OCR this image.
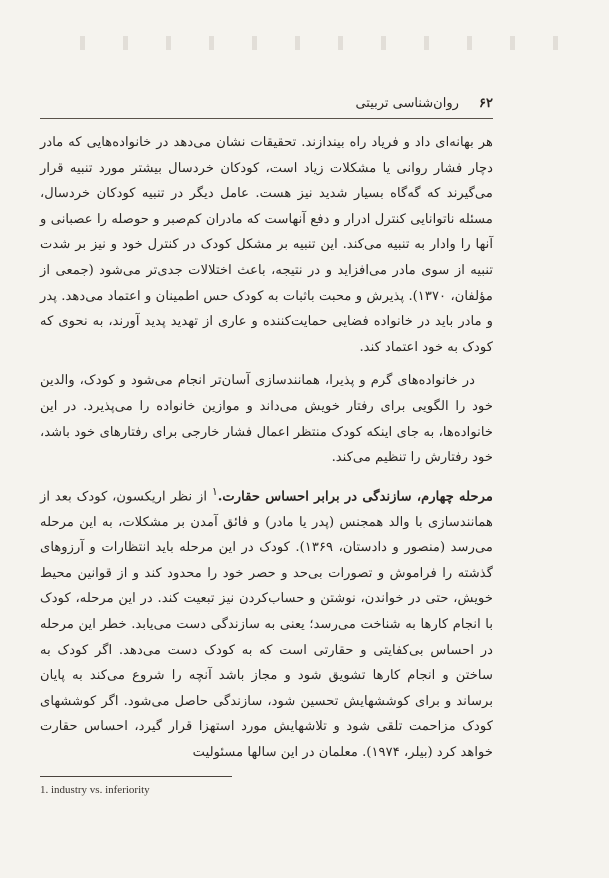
۶۲ روان‌شناسی تربیتی

هر بهانه‌ای داد و فریاد راه بیندازند. تحقیقات نشان می‌دهد در خانواده‌هایی که مادر دچار فشار روانی یا مشکلات زیاد است، کودکان خردسال بیشتر مورد تنبیه قرار می‌گیرند که گه‌گاه بسیار شدید نیز هست. عامل دیگر در تنبیه کودکان خردسال، مسئله ناتوانایی کنترل ادرار و دفع آنهاست که مادران کم‌صبر و حوصله را عصبانی و آنها را وادار به تنبیه می‌کند. این تنبیه بر مشکل کودک در کنترل خود و نیز بر شدت تنبیه از سوی مادر می‌افزاید و در نتیجه، باعث اختلالات جدی‌تر می‌شود (جمعی از مؤلفان، ۱۳۷۰). پذیرش و محبت باثبات به کودک حس اطمینان و اعتماد می‌دهد. پدر و مادر باید در خانواده فضایی حمایت‌کننده و عاری از تهدید پدید آورند، به نحوی که کودک به خود اعتماد کند.

در خانواده‌های گرم و پذیرا، همانندسازی آسان‌تر انجام می‌شود و کودک، والدین خود را الگویی برای رفتار خویش می‌داند و موازین خانواده را می‌پذیرد. در این خانواده‌ها، به جای اینکه کودک منتظر اعمال فشار خارجی برای رفتارهای خود باشد، خود رفتارش را تنظیم می‌کند.

مرحله چهارم، سازندگی در برابر احساس حقارت.$^۱$ از نظر اریکسون، کودک بعد از همانندسازی با والد همجنس (پدر یا مادر) و فائق آمدن بر مشکلات، به این مرحله می‌رسد (منصور و دادستان، ۱۳۶۹). کودک در این مرحله باید انتظارات و آرزوهای گذشته را فراموش و تصورات بی‌حد و حصر خود را محدود کند و از قوانین محیط خویش، حتی در خواندن، نوشتن و حساب‌کردن نیز تبعیت کند. در این مرحله، کودک با انجام کارها به شناخت می‌رسد؛ یعنی به سازندگی دست می‌یابد. خطر این مرحله در احساس بی‌کفایتی و حقارتی است که به کودک دست می‌دهد. اگر کودک به ساختن و انجام کارها تشویق شود و مجاز باشد آنچه را شروع می‌کند به پایان برساند و برای کوششهایش تحسین شود، سازندگی حاصل می‌شود. اگر کوششهای کودک مزاحمت تلقی شود و تلاشهایش مورد استهزا قرار گیرد، احساس حقارت خواهد کرد (بیلر، ۱۹۷۴). معلمان در این سالها مسئولیت

1. industry vs. inferiority
